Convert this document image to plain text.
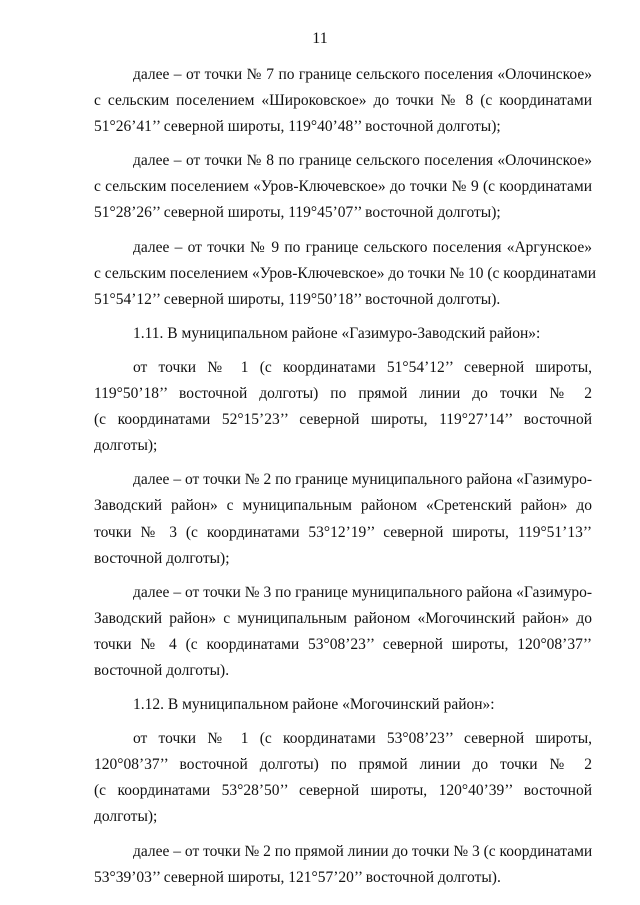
11
далее – от точки № 7 по границе сельского поселения «Олочинское»
с сельским поселением «Широковское» до точки № 8 (с координатами
51°26’41’’ северной широты, 119°40’48’’ восточной долготы);
далее – от точки № 8 по границе сельского поселения «Олочинское»
с сельским поселением «Уров-Ключевское» до точки № 9 (с координатами
51°28’26’’ северной широты, 119°45’07’’ восточной долготы);
далее – от точки № 9 по границе сельского поселения «Аргунское»
с сельским поселением «Уров-Ключевское» до точки № 10 (с координатами
51°54’12’’ северной широты, 119°50’18’’ восточной долготы).
1.11. В муниципальном районе «Газимуро-Заводский район»:
от точки № 1 (с координатами 51°54’12’’ северной широты,
119°50’18’’ восточной долготы) по прямой линии до точки № 2
(с координатами 52°15’23’’ северной широты, 119°27’14’’ восточной
долготы);
далее – от точки № 2 по границе муниципального района «Газимуро-
Заводский район» с муниципальным районом «Сретенский район» до
точки № 3 (с координатами 53°12’19’’ северной широты, 119°51’13’’
восточной долготы);
далее – от точки № 3 по границе муниципального района «Газимуро-
Заводский район» с муниципальным районом «Могочинский район» до
точки № 4 (с координатами 53°08’23’’ северной широты, 120°08’37’’
восточной долготы).
1.12. В муниципальном районе «Могочинский район»:
от точки № 1 (с координатами 53°08’23’’ северной широты,
120°08’37’’ восточной долготы) по прямой линии до точки № 2
(с координатами 53°28’50’’ северной широты, 120°40’39’’ восточной
долготы);
далее – от точки № 2 по прямой линии до точки № 3 (с координатами
53°39’03’’ северной широты, 121°57’20’’ восточной долготы).
